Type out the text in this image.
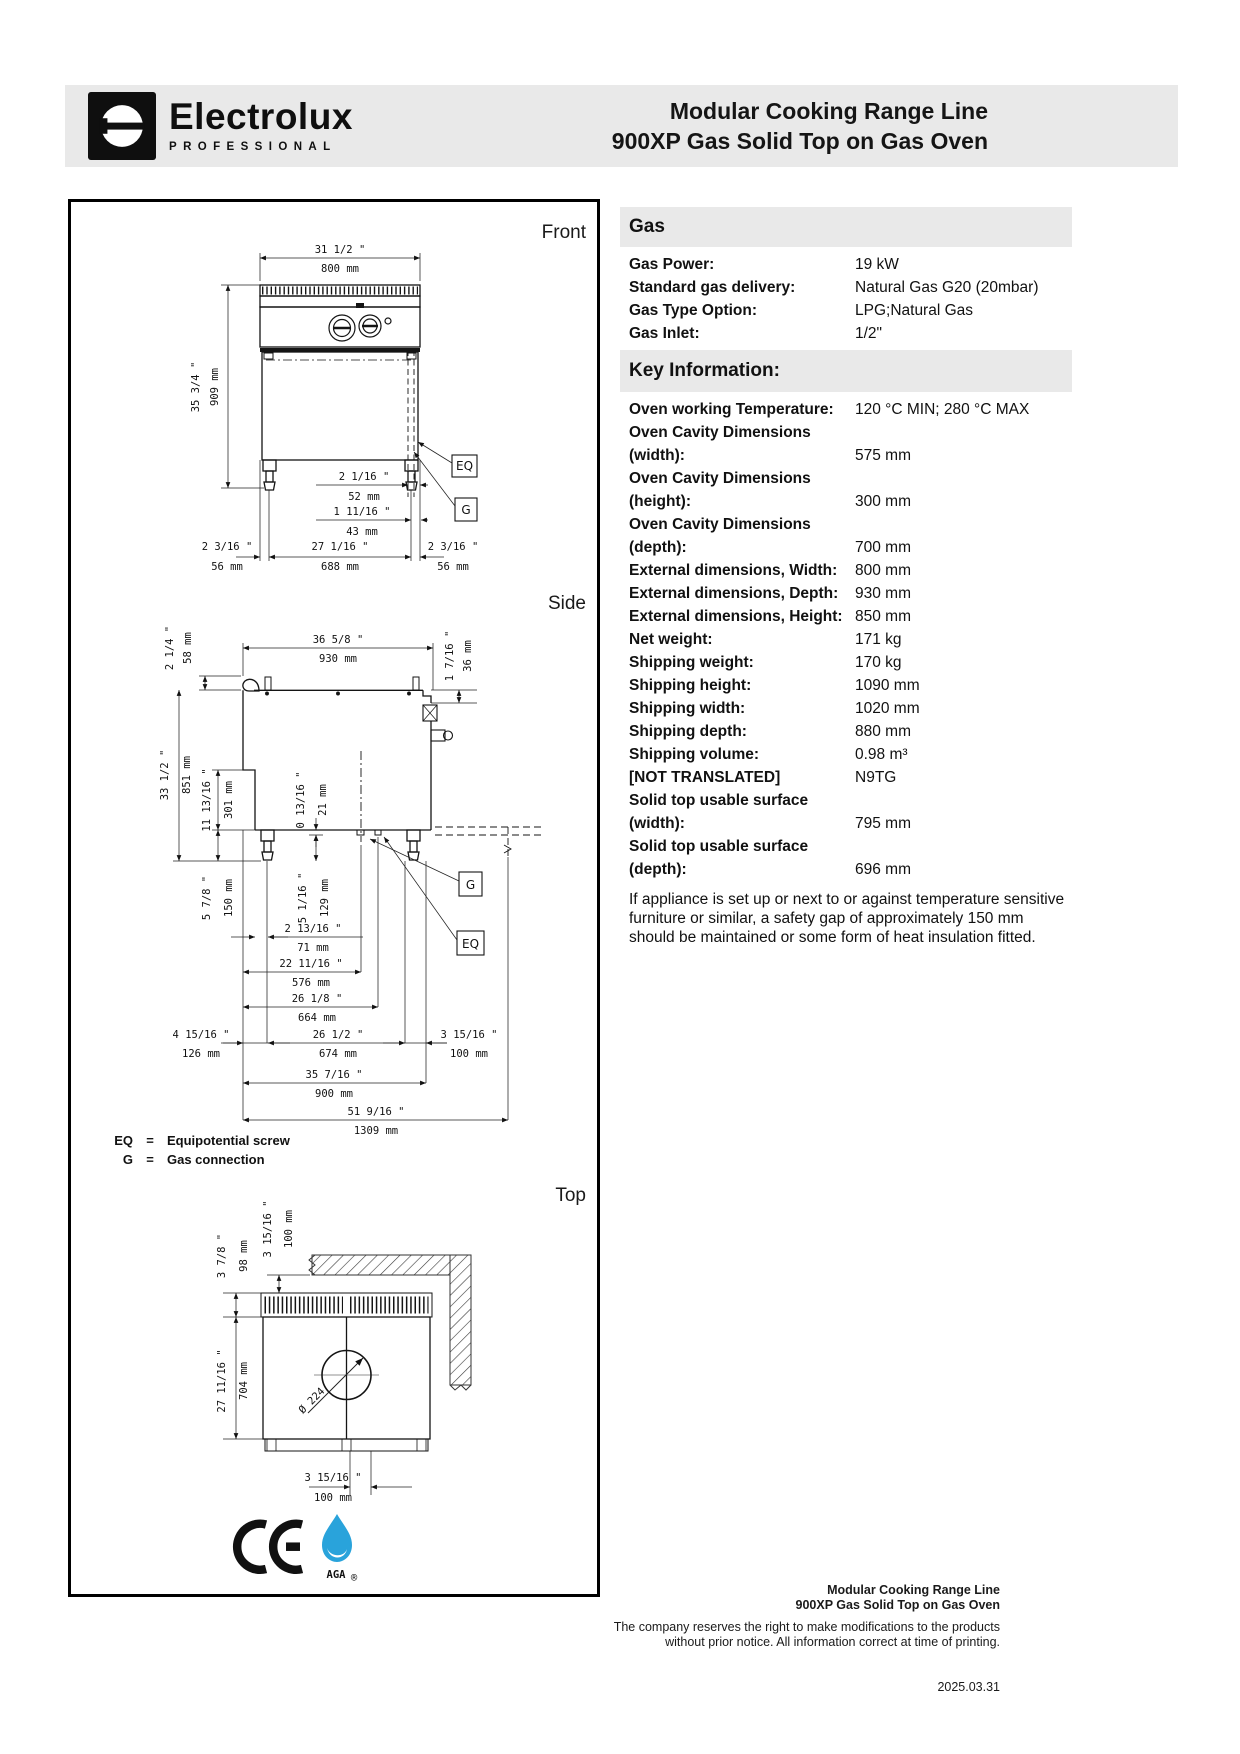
Electrolux
PROFESSIONAL
Modular Cooking Range Line
900XP Gas Solid Top on Gas Oven
Front
Side
Top
31 1/2 "
800 mm
35 3/4 " 909 mm
2 1/16 "
52 mm
1 11/16 "
43 mm
2 3/16 "
56 mm
27 1/16 "
688 mm
2 3/16 "
56 mm
EQ
G
2 1/4 " 58 mm	36 5/8 "
930 mm	1 7/16 " 36 mm
33 1/2 " 851 mm 11 13/16 " 301 mm	0 13/16 " 21 mm
5 7/8 " 150 mm	5 1/16 " 129 mm
2 13/16 "
71 mm
22 11/16 "
576 mm
26 1/8 "
664 mm
4 15/16 "
126 mm
26 1/2 "
674 mm
3 15/16 "
100 mm
35 7/16 "
900 mm
51 9/16 "
1309 mm
G
EQ
EQ	=	Equipotential screw
G	=	Gas connection
3 15/16 " 100 mm
3 7/8 " 98 mm
27 11/16 " 704 mm
Ø 224
3 15/16 "
100 mm
AGA ®
Gas
Gas Power:	19 kW
Standard gas delivery:	Natural Gas G20 (20mbar)
Gas Type Option:	LPG;Natural Gas
Gas Inlet:	1/2"
Key Information:
Oven working Temperature:	120 °C MIN; 280 °C MAX
Oven Cavity Dimensions (width):	575 mm
Oven Cavity Dimensions (height):	300 mm
Oven Cavity Dimensions (depth):	700 mm
External dimensions, Width:	800 mm
External dimensions, Depth:	930 mm
External dimensions, Height: 850 mm
Net weight:	171 kg
Shipping weight:	170 kg
Shipping height:	1090 mm
Shipping width:	1020 mm
Shipping depth:	880 mm
Shipping volume:	0.98 m³
[NOT TRANSLATED]	N9TG
Solid top usable surface (width):	795 mm
Solid top usable surface (depth):	696 mm
If appliance is set up or next to or against temperature sensitive furniture or similar, a safety gap of approximately 150 mm should be maintained or some form of heat insulation fitted.
Modular Cooking Range Line
900XP Gas Solid Top on Gas Oven
The company reserves the right to make modifications to the products
without prior notice. All information correct at time of printing.
2025.03.31
